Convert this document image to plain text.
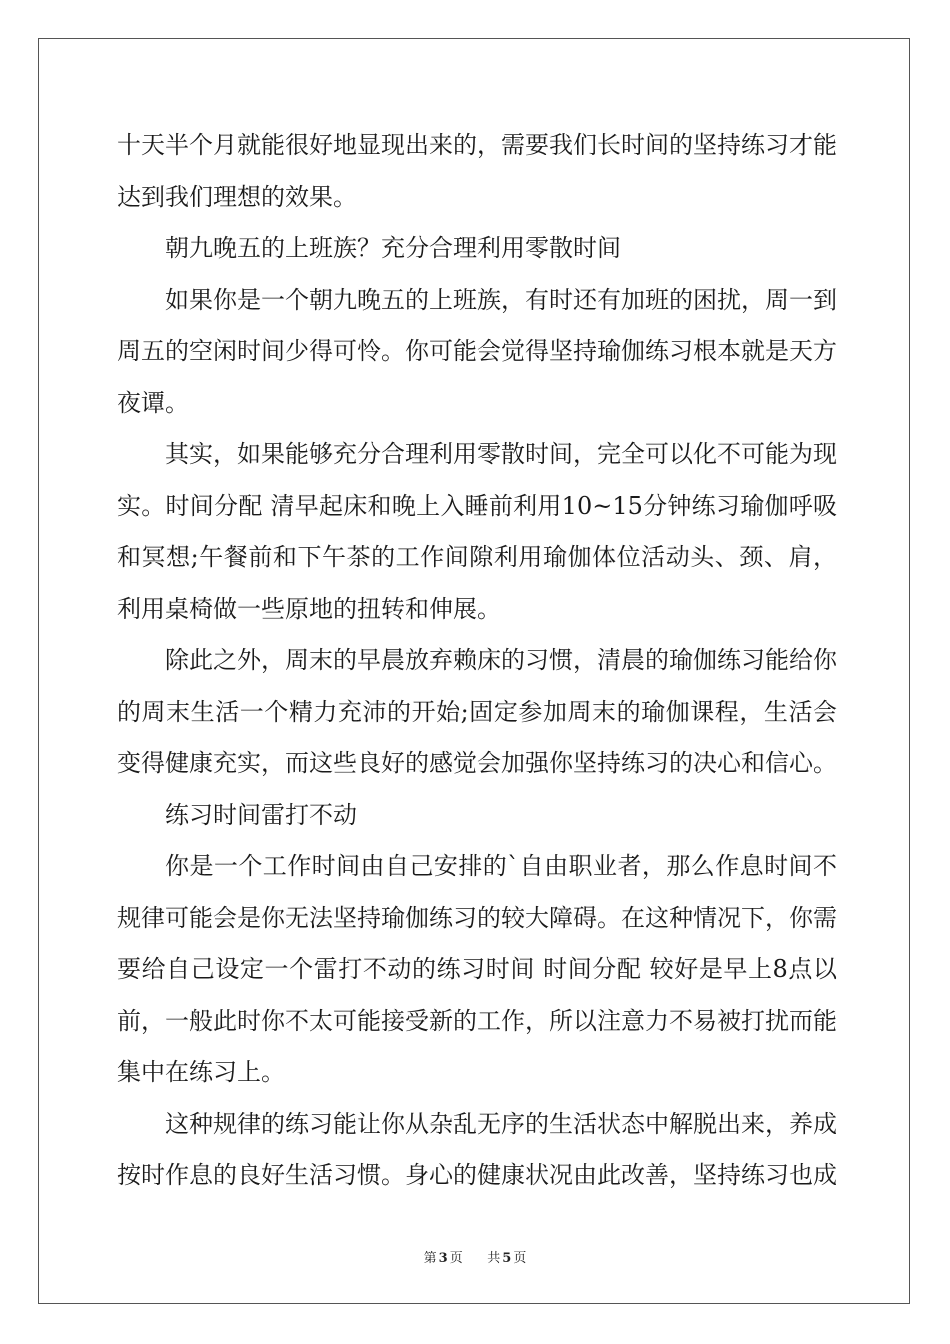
十天半个月就能很好地显现出来的，需要我们长时间的坚持练习才能
达到我们理想的效果。
朝九晚五的上班族？充分合理利用零散时间
如果你是一个朝九晚五的上班族，有时还有加班的困扰，周一到
周五的空闲时间少得可怜。你可能会觉得坚持瑜伽练习根本就是天方
夜谭。
其实，如果能够充分合理利用零散时间，完全可以化不可能为现
实。时间分配 清早起床和晚上入睡前利用10~15分钟练习瑜伽呼吸
和冥想;午餐前和下午茶的工作间隙利用瑜伽体位活动头、颈、肩，
利用桌椅做一些原地的扭转和伸展。
除此之外，周末的早晨放弃赖床的习惯，清晨的瑜伽练习能给你
的周末生活一个精力充沛的开始;固定参加周末的瑜伽课程，生活会
变得健康充实，而这些良好的感觉会加强你坚持练习的决心和信心。
练习时间雷打不动
你是一个工作时间由自己安排的`自由职业者，那么作息时间不
规律可能会是你无法坚持瑜伽练习的较大障碍。在这种情况下，你需
要给自己设定一个雷打不动的练习时间 时间分配 较好是早上8点以
前，一般此时你不太可能接受新的工作，所以注意力不易被打扰而能
集中在练习上。
这种规律的练习能让你从杂乱无序的生活状态中解脱出来，养成
按时作息的良好生活习惯。身心的健康状况由此改善，坚持练习也成
第 3 页 共 5 页
